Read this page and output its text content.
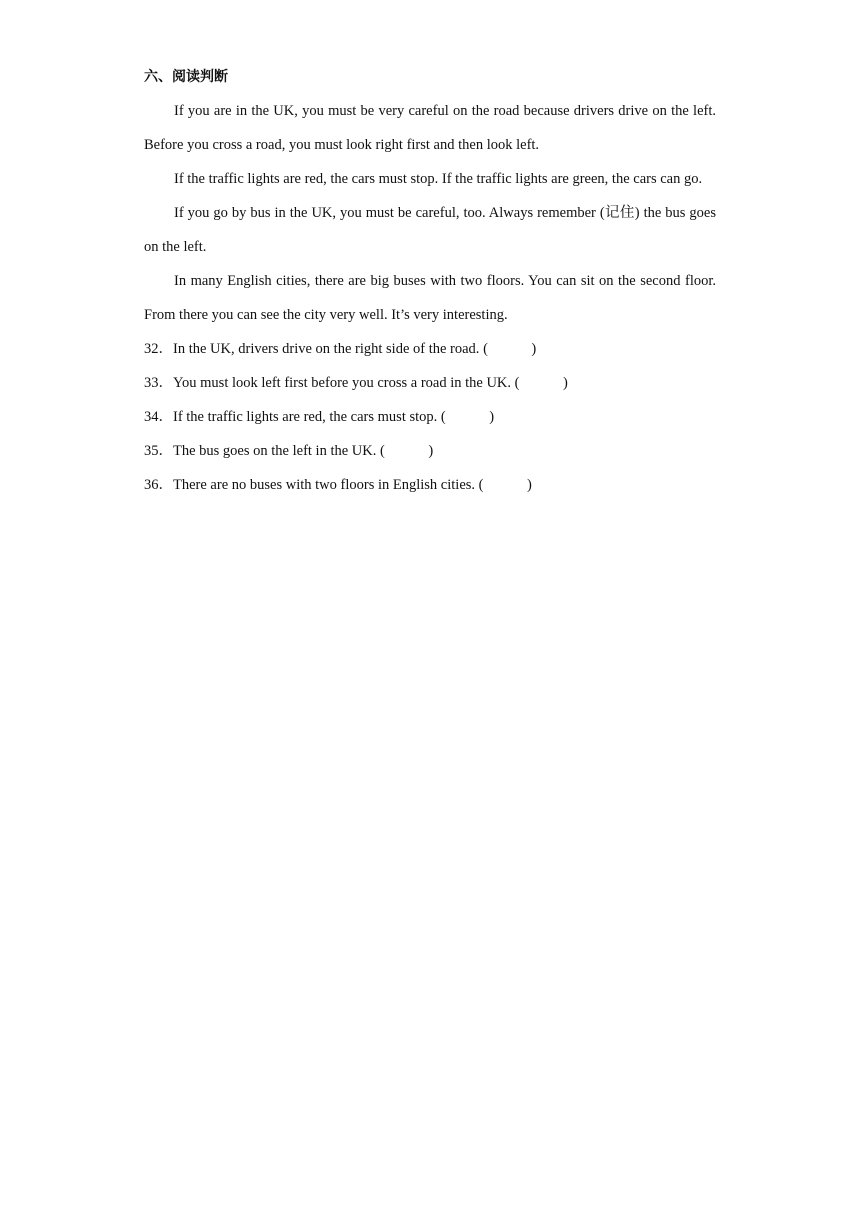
六、阅读判断

If you are in the UK, you must be very careful on the road because drivers drive on the left. Before you cross a road, you must look right first and then look left.

If the traffic lights are red, the cars must stop. If the traffic lights are green, the cars can go.

If you go by bus in the UK, you must be careful, too. Always remember (记住) the bus goes on the left.

In many English cities, there are big buses with two floors. You can sit on the second floor. From there you can see the city very well. It’s very interesting.

32．In the UK, drivers drive on the right side of the road. (            )
33．You must look left first before you cross a road in the UK. (            )
34．If the traffic lights are red, the cars must stop. (            )
35．The bus goes on the left in the UK. (            )
36．There are no buses with two floors in English cities. (            )
